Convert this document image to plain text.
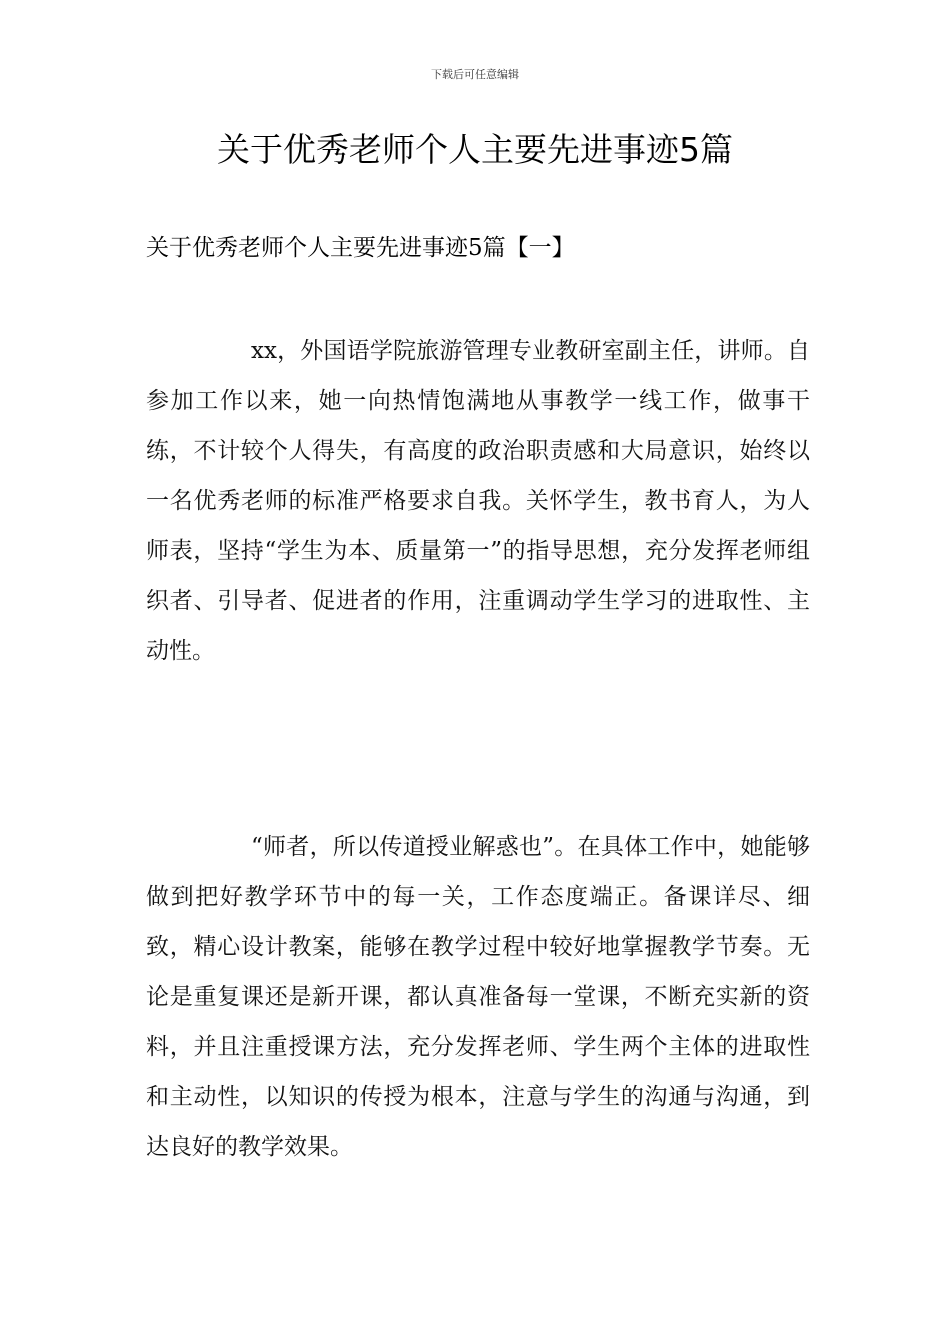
下载后可任意编辑
关于优秀老师个人主要先进事迹5篇
关于优秀老师个人主要先进事迹5篇【一】

xx，外国语学院旅游管理专业教研室副主任，讲师。自参加工作以来，她一向热情饱满地从事教学一线工作，做事干练，不计较个人得失，有高度的政治职责感和大局意识，始终以一名优秀老师的标准严格要求自我。关怀学生，教书育人，为人师表，坚持“学生为本、质量第一”的指导思想，充分发挥老师组织者、引导者、促进者的作用，注重调动学生学习的进取性、主动性。

“师者，所以传道授业解惑也”。在具体工作中，她能够做到把好教学环节中的每一关，工作态度端正。备课详尽、细致，精心设计教案，能够在教学过程中较好地掌握教学节奏。无论是重复课还是新开课，都认真准备每一堂课，不断充实新的资料，并且注重授课方法，充分发挥老师、学生两个主体的进取性和主动性，以知识的传授为根本，注意与学生的沟通与沟通，到达良好的教学效果。
